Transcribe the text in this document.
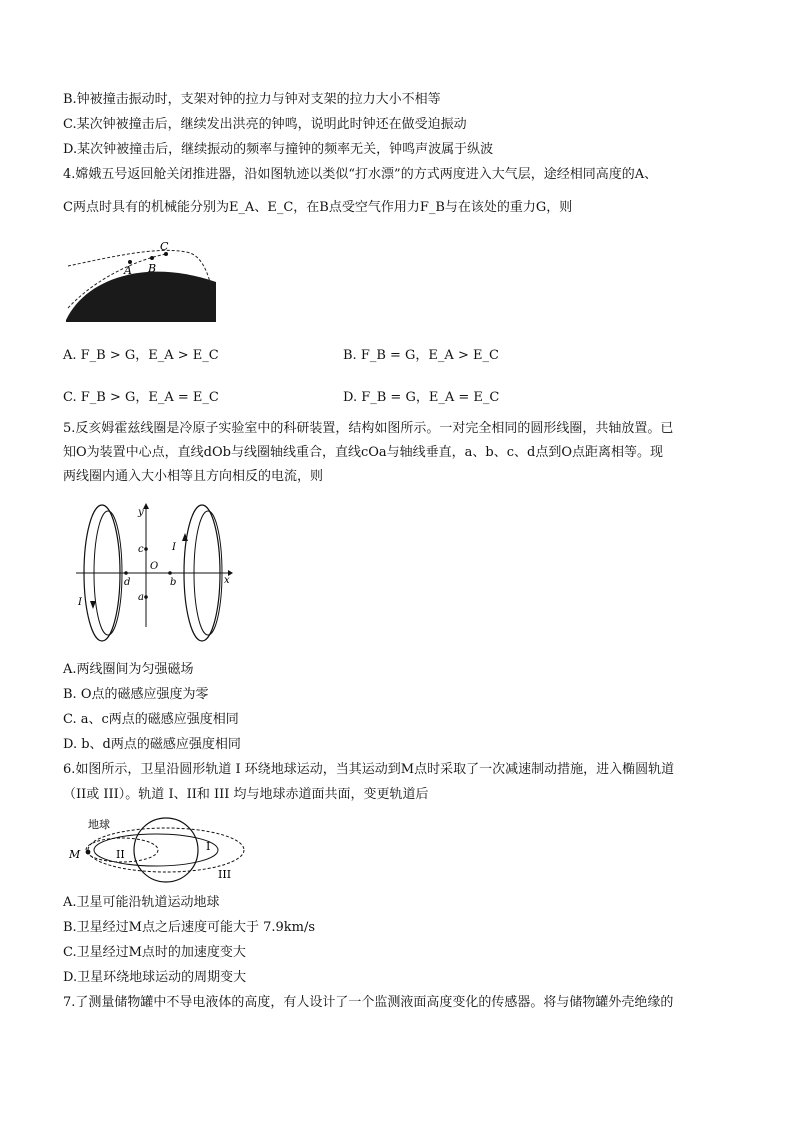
B.钟被撞击振动时，支架对钟的拉力与钟对支架的拉力大小不相等
C.某次钟被撞击后，继续发出洪亮的钟鸣，说明此时钟还在做受迫振动
D.某次钟被撞击后，继续振动的频率与撞钟的频率无关，钟鸣声波属于纵波
4.嫦娥五号返回舱关闭推进器，沿如图轨迹以类似“打水漂”的方式两度进入大气层，途经相同高度的A、
C两点时具有的机械能分别为E_A、E_C，在B点受空气作用力F_B与在该处的重力G，则
A B
C
A. F_B > G，E_A > E_C	B. F_B = G，E_A > E_C
C. F_B > G，E_A = E_C	D. F_B = G，E_A = E_C
5.反亥姆霍兹线圈是冷原子实验室中的科研装置，结构如图所示。一对完全相同的圆形线圈，共轴放置。已
知O为装置中心点，直线dOb与线圈轴线重合，直线cOa与轴线垂直，a、b、c、d点到O点距离相等。现
两线圈内通入大小相等且方向相反的电流，则
y
x
O
c
a
d	b
I
I
A.两线圈间为匀强磁场
B. O点的磁感应强度为零
C. a、c两点的磁感应强度相同
D. b、d两点的磁感应强度相同
6.如图所示，卫星沿圆形轨道 I 环绕地球运动，当其运动到M点时采取了一次减速制动措施，进入椭圆轨道
（II或 III）。轨道 I、II和 III 均与地球赤道面共面，变更轨道后
地球
M	II
I
III
A.卫星可能沿轨道运动地球
B.卫星经过M点之后速度可能大于 7.9km/s
C.卫星经过M点时的加速度变大
D.卫星环绕地球运动的周期变大
7.了测量储物罐中不导电液体的高度，有人设计了一个监测液面高度变化的传感器。将与储物罐外壳绝缘的
